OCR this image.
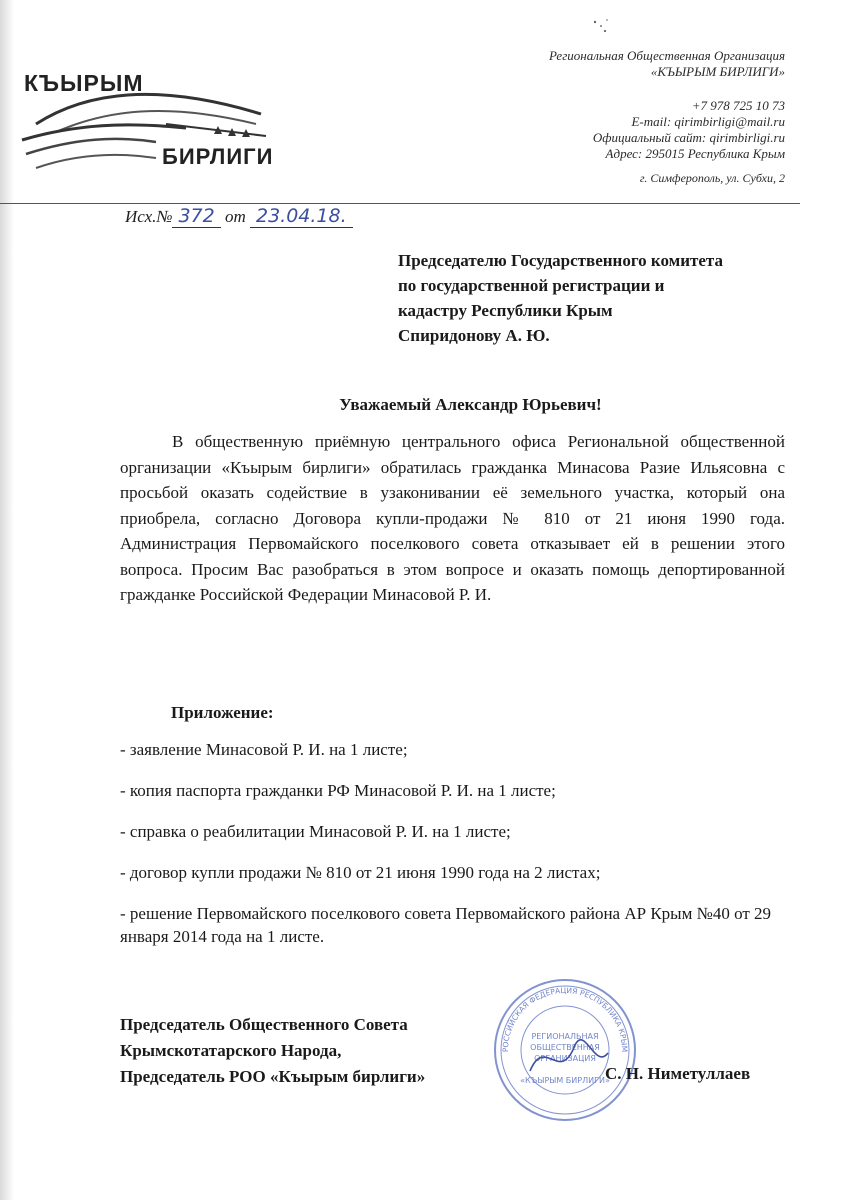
КЪЫРЫМ
БИРЛИГИ
Региональная Общественная Организация
«КЪЫРЫМ БИРЛИГИ»
+7 978 725 10 73
E-mail: qirimbirligi@mail.ru
Официальный сайт: qirimbirligi.ru
Адрес: 295015 Республика Крым
г. Симферополь, ул. Субхи, 2
Исх.№ 372 от 23.04.18.
Председателю Государственного комитета
по государственной регистрации и
кадастру Республики Крым
Спиридонову А. Ю.
Уважаемый Александр Юрьевич!
В общественную приёмную центрального офиса Региональной общественной организации «Къырым бирлиги» обратилась гражданка Минасова Разие Ильясовна с просьбой оказать содействие в узаконивании её земельного участка, который она приобрела, согласно Договора купли-продажи № 810 от 21 июня 1990 года. Администрация Первомайского поселкового совета отказывает ей в решении этого вопроса. Просим Вас разобраться в этом вопросе и оказать помощь депортированной гражданке Российской Федерации Минасовой Р. И.
Приложение:
- заявление Минасовой Р. И. на 1 листе;
- копия паспорта гражданки РФ Минасовой Р. И. на 1 листе;
- справка о реабилитации Минасовой Р. И. на 1 листе;
- договор купли продажи № 810 от 21 июня 1990 года на 2 листах;
- решение Первомайского поселкового совета Первомайского района АР Крым №40 от 29 января 2014 года на 1 листе.
РОССИЙСКАЯ ФЕДЕРАЦИЯ РЕСПУБЛИКА КРЫМ
РЕГИОНАЛЬНАЯ
ОБЩЕСТВЕННАЯ
ОРГАНИЗАЦИЯ
«КЪЫРЫМ БИРЛИГИ»
Председатель Общественного Совета
Крымскотатарского Народа,
Председатель РОО «Къырым бирлиги»	С. Н. Ниметуллаев
